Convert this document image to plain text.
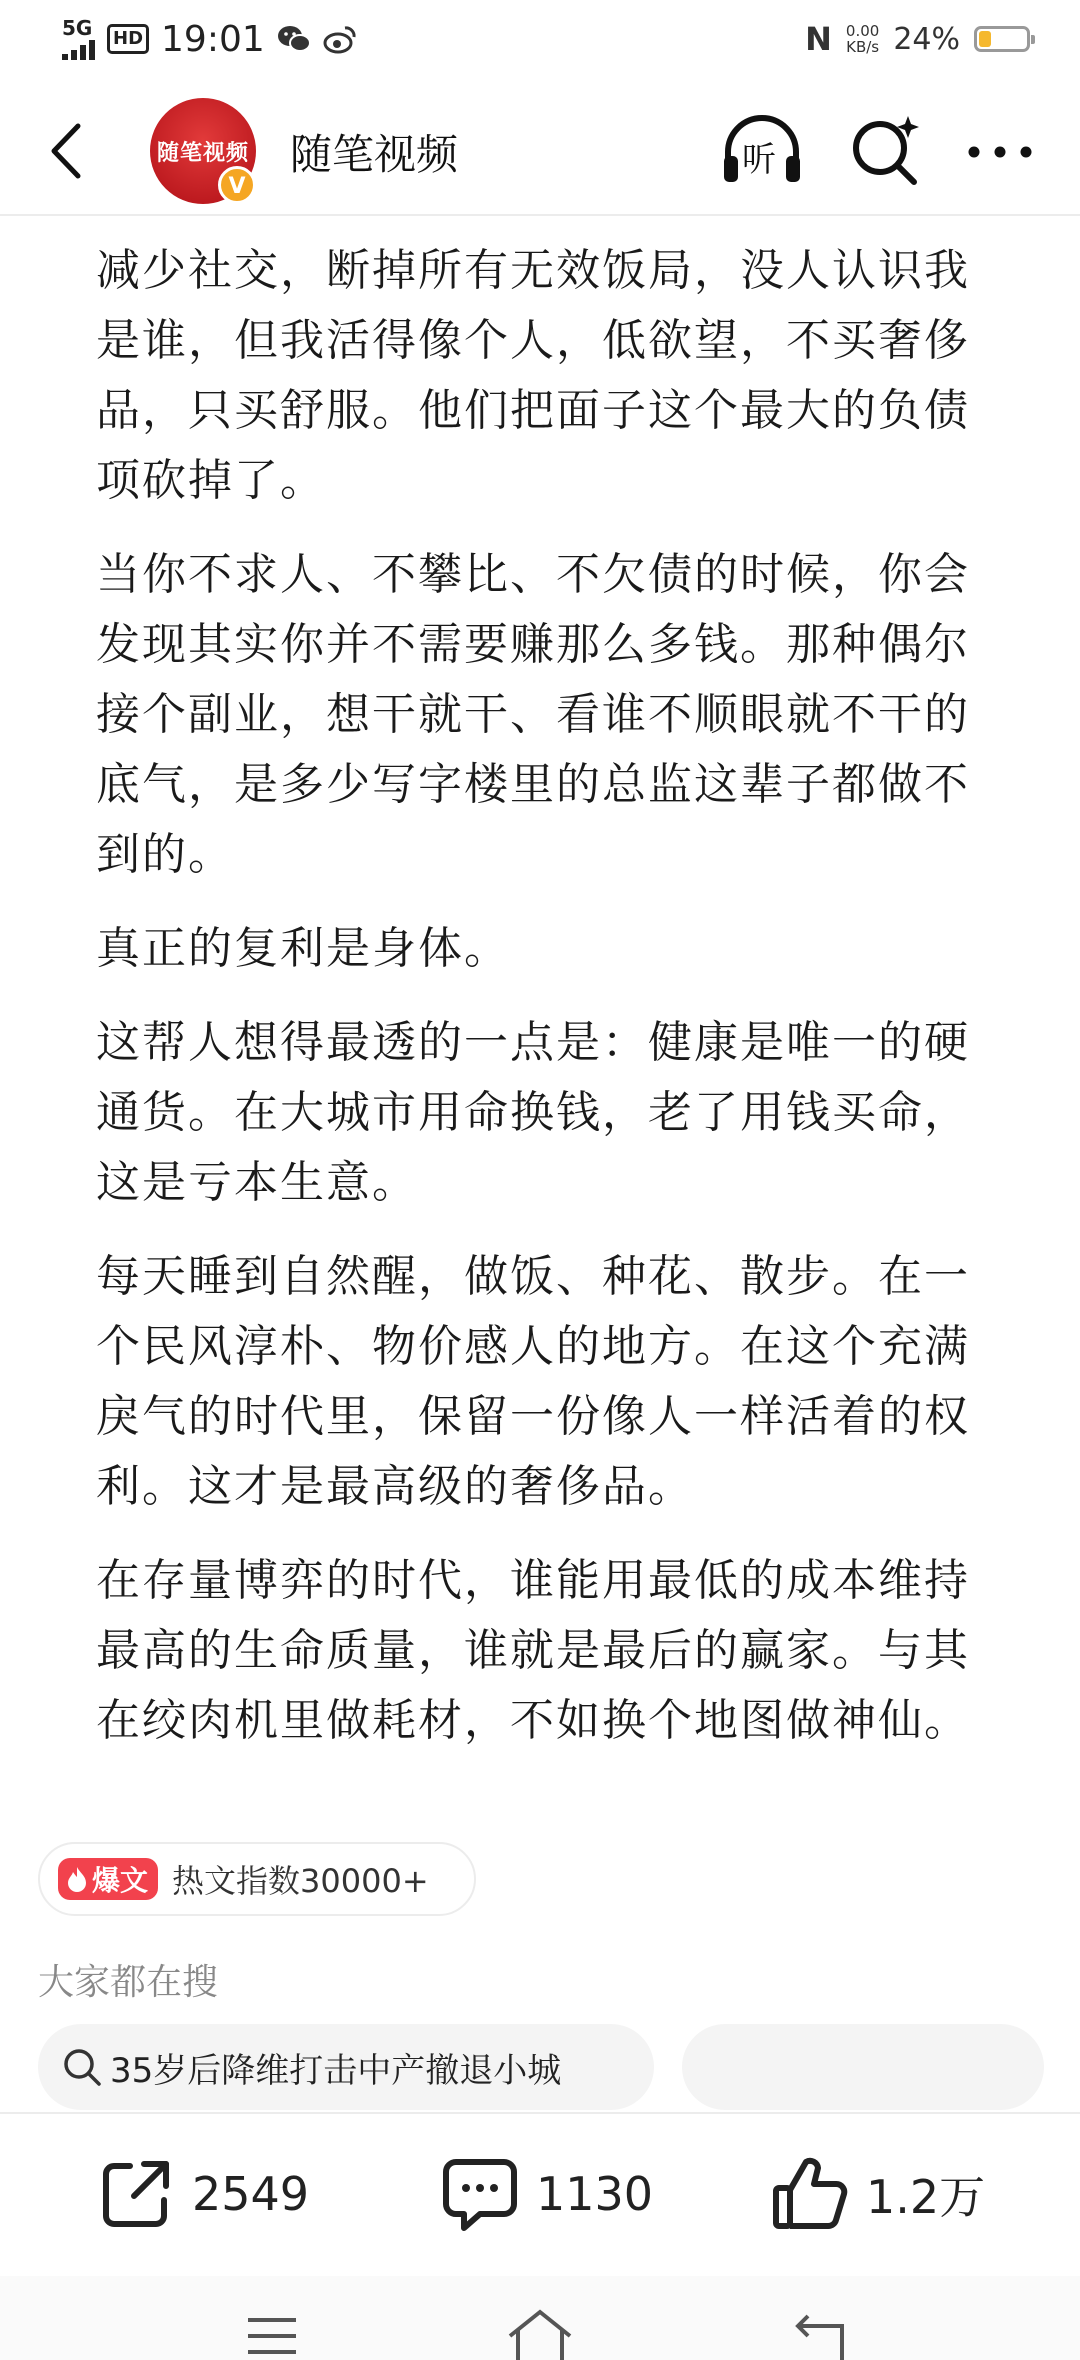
5G	HD 19:01	N 0.00
KB/s 24%
随笔视频
V
随笔视频	听

减少社交，断掉所有无效饭局，没人认识我是谁，但我活得像个人，低欲望，不买奢侈品，只买舒服。他们把面子这个最大的负债项砍掉了。

当你不求人、不攀比、不欠债的时候，你会发现其实你并不需要赚那么多钱。那种偶尔接个副业，想干就干、看谁不顺眼就不干的底气，是多少写字楼里的总监这辈子都做不到的。

真正的复利是身体。

这帮人想得最透的一点是：健康是唯一的硬通货。在大城市用命换钱，老了用钱买命，这是亏本生意。

每天睡到自然醒，做饭、种花、散步。在一个民风淳朴、物价感人的地方。在这个充满戾气的时代里，保留一份像人一样活着的权利。这才是最高级的奢侈品。

在存量博弈的时代，谁能用最低的成本维持最高的生命质量，谁就是最后的赢家。与其在绞肉机里做耗材，不如换个地图做神仙。

爆文 热文指数30000+
大家都在搜
35岁后降维打击中产撤退小城
2549	1130	1.2万
